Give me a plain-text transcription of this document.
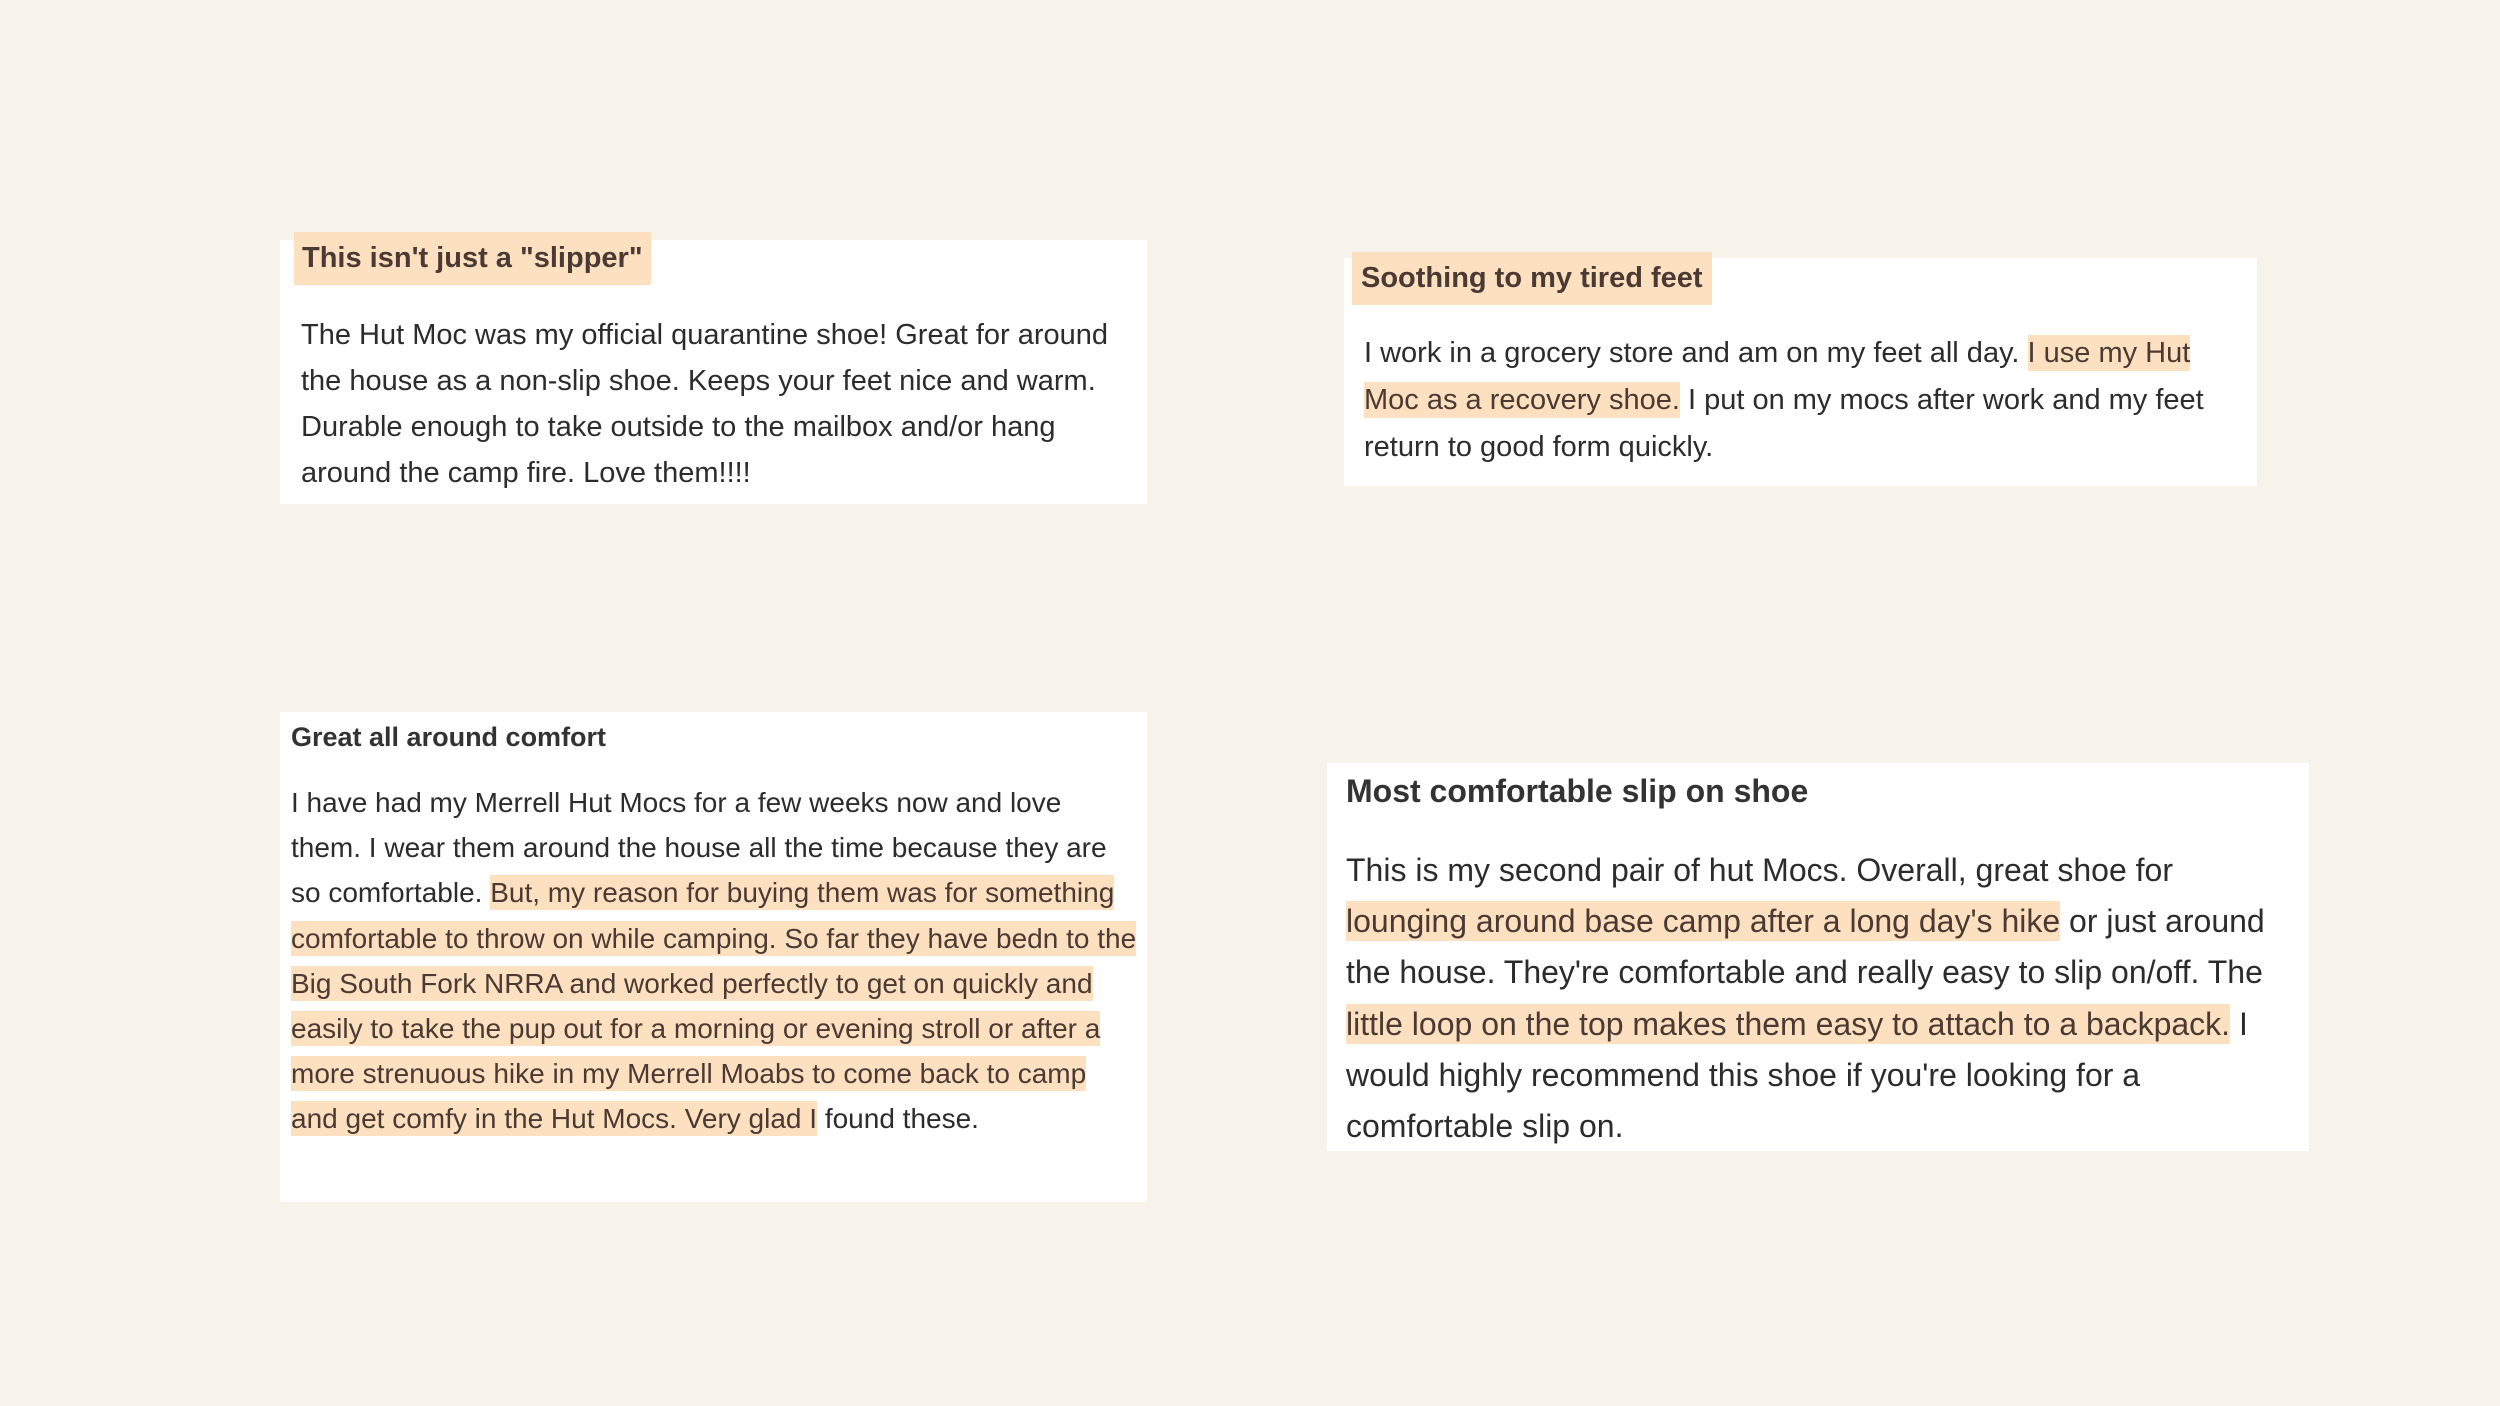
This isn't just a "slipper"
The Hut Moc was my official quarantine shoe! Great for around the house as a non-slip shoe. Keeps your feet nice and warm. Durable enough to take outside to the mailbox and/or hang around the camp fire. Love them!!!!
Soothing to my tired feet
I work in a grocery store and am on my feet all day. I use my Hut Moc as a recovery shoe. I put on my mocs after work and my feet return to good form quickly.
Great all around comfort
I have had my Merrell Hut Mocs for a few weeks now and love them. I wear them around the house all the time because they are so comfortable. But, my reason for buying them was for something comfortable to throw on while camping. So far they have bedn to the Big South Fork NRRA and worked perfectly to get on quickly and easily to take the pup out for a morning or evening stroll or after a more strenuous hike in my Merrell Moabs to come back to camp and get comfy in the Hut Mocs. Very glad I found these.
Most comfortable slip on shoe
This is my second pair of hut Mocs. Overall, great shoe for lounging around base camp after a long day's hike or just around the house. They're comfortable and really easy to slip on/off. The little loop on the top makes them easy to attach to a backpack. I would highly recommend this shoe if you're looking for a comfortable slip on.
